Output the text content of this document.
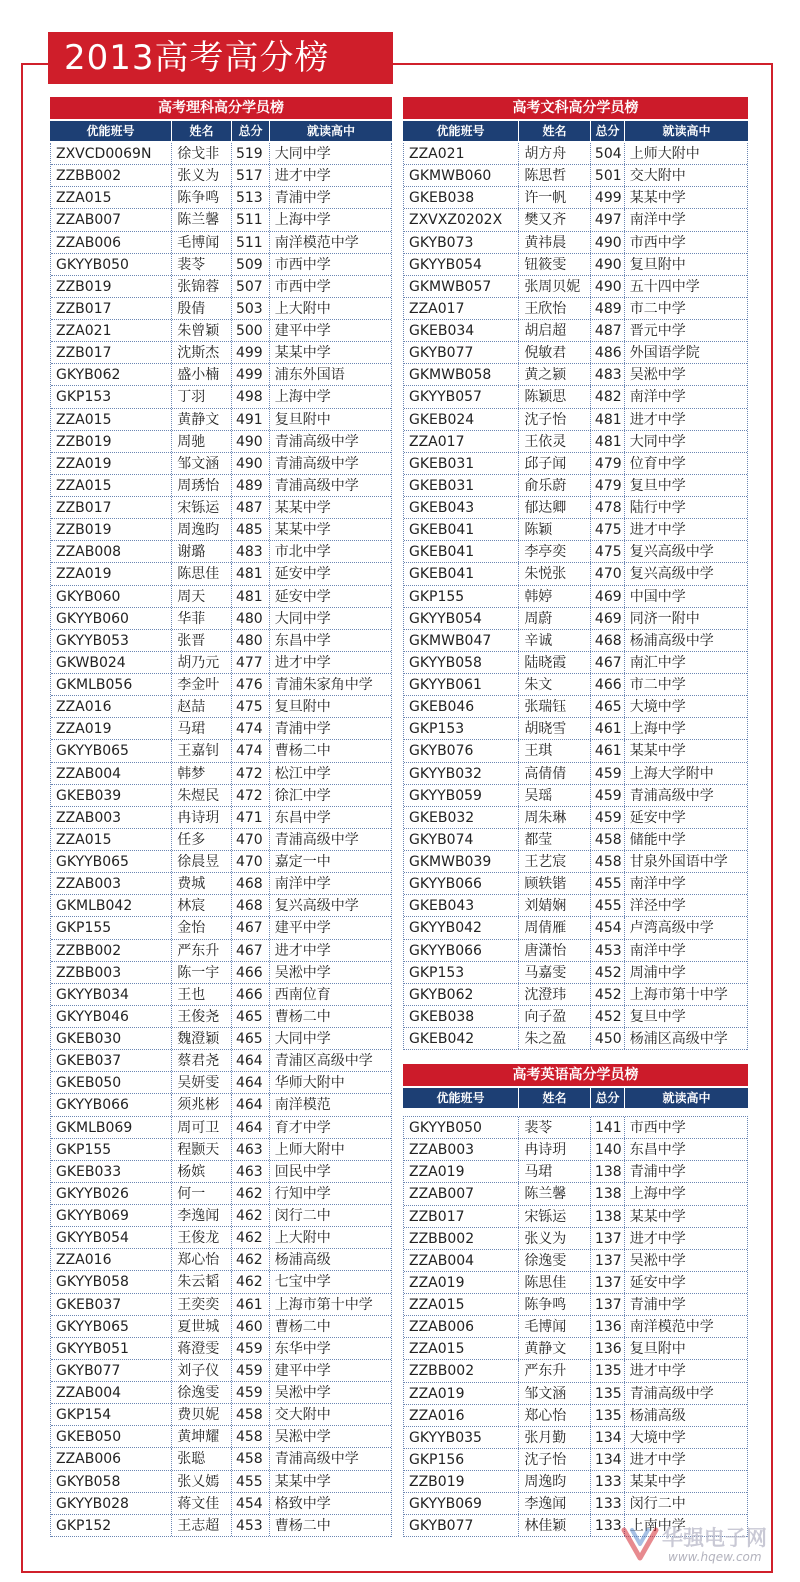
2013高考高分榜
高考理科高分学员榜
优能班号	姓名	总分	就读高中
ZXVCD0069N	徐戈非	519 大同中学
ZZBB002	张义为	517 进才中学
ZZA015	陈争鸣	513 青浦中学
ZZAB007	陈兰馨	511 上海中学
ZZAB006	毛博闻	511 南洋模范中学
GKYYB050	裴苓	509 市西中学
ZZB019	张锦蓉	507 市西中学
ZZB017	殷倩	503 上大附中
ZZA021	朱曾颖	500 建平中学
ZZB017	沈斯杰	499 某某中学
GKYB062	盛小楠	499 浦东外国语
GKP153	丁羽	498 上海中学
ZZA015	黄静文	491 复旦附中
ZZB019	周驰	490 青浦高级中学
ZZA019	邹文涵	490 青浦高级中学
ZZA015	周琇怡	489 青浦高级中学
ZZB017	宋铄运	487 某某中学
ZZB019	周逸昀	485 某某中学
ZZAB008	谢璐	483 市北中学
ZZA019	陈思佳	481 延安中学
GKYB060	周天	481 延安中学
GKYYB060	华菲	480 大同中学
GKYYB053	张晋	480 东昌中学
GKWB024	胡乃元	477 进才中学
GKMLB056	李金叶	476 青浦朱家角中学
ZZA016	赵喆	475 复旦附中
ZZA019	马珺	474 青浦中学
GKYYB065	王嘉钊	474 曹杨二中
ZZAB004	韩梦	472 松江中学
GKEB039	朱煜民	472 徐汇中学
ZZAB003	冉诗玥	471 东昌中学
ZZA015	任多	470 青浦高级中学
GKYYB065	徐晨昱	470 嘉定一中
ZZAB003	费城	468 南洋中学
GKMLB042	林宸	468 复兴高级中学
GKP155	金怡	467 建平中学
ZZBB002	严东升	467 进才中学
ZZBB003	陈一宇	466 吴淞中学
GKYYB034	王也	466 西南位育
GKYYB046	王俊尧	465 曹杨二中
GKEB030	魏澄颖	465 大同中学
GKEB037	蔡君尧	464 青浦区高级中学
GKEB050	吴妍雯	464 华师大附中
GKYYB066	须兆彬	464 南洋模范
GKMLB069	周可卫	464 育才中学
GKP155	程颢天	463 上师大附中
GKEB033	杨嫔	463 回民中学
GKYYB026	何一	462 行知中学
GKYYB069	李逸闻	462 闵行二中
GKYYB054	王俊龙	462 上大附中
ZZA016	郑心怡	462 杨浦高级
GKYYB058	朱云韬	462 七宝中学
GKEB037	王奕奕	461 上海市第十中学
GKYYB065	夏世城	460 曹杨二中
GKYYB051	蒋澄雯	459 东华中学
GKYB077	刘子仪	459 建平中学
ZZAB004	徐逸雯	459 吴淞中学
GKP154	费贝妮	458 交大附中
GKEB050	黄坤耀	458 吴淞中学
ZZAB006	张聪	458 青浦高级中学
GKYB058	张乂嫣	455 某某中学
GKYYB028	蒋文佳	454 格致中学
GKP152	王志超	453 曹杨二中
高考文科高分学员榜
优能班号	姓名	总分	就读高中
ZZA021	胡方舟	504 上师大附中
GKMWB060	陈思哲	501 交大附中
GKEB038	许一帆	499 某某中学
ZXVXZ0202X	樊又齐	497 南洋中学
GKYB073	黄祎晨	490 市西中学
GKYYB054	钮筱雯	490 复旦附中
GKMWB057	张周贝妮	490 五十四中学
ZZA017	王欣怡	489 市二中学
GKEB034	胡启超	487 晋元中学
GKYB077	倪敏君	486 外国语学院
GKMWB058	黄之颍	483 吴淞中学
GKYYB057	陈颖思	482 南洋中学
GKEB024	沈子怡	481 进才中学
ZZA017	王依灵	481 大同中学
GKEB031	邱子闻	479 位育中学
GKEB031	俞乐蔚	479 复旦中学
GKEB043	郁达卿	478 陆行中学
GKEB041	陈颖	475 进才中学
GKEB041	李亭奕	475 复兴高级中学
GKEB041	朱悦张	470 复兴高级中学
GKP155	韩婷	469 中国中学
GKYYB054	周蔚	469 同济一附中
GKMWB047	辛诚	468 杨浦高级中学
GKYYB058	陆晓霞	467 南汇中学
GKYYB061	朱文	466 市二中学
GKEB046	张瑞钰	465 大境中学
GKP153	胡晓雪	461 上海中学
GKYB076	王琪	461 某某中学
GKYYB032	高倩倩	459 上海大学附中
GKYYB059	吴瑶	459 青浦高级中学
GKEB032	周朱琳	459 延安中学
GKYB074	都莹	458 储能中学
GKMWB039	王艺宸	458 甘泉外国语中学
GKYYB066	顾轶锴	455 南洋中学
GKEB043	刘婧娴	455 洋泾中学
GKYYB042	周倩雁	454 卢湾高级中学
GKYYB066	唐潇怡	453 南洋中学
GKP153	马嘉雯	452 周浦中学
GKYB062	沈澄玮	452 上海市第十中学
GKEB038	向子盈	452 复旦中学
GKEB042	朱之盈	450 杨浦区高级中学
高考英语高分学员榜
优能班号	姓名	总分	就读高中
GKYYB050	裴苓	141 市西中学
ZZAB003	冉诗玥	140 东昌中学
ZZA019	马珺	138 青浦中学
ZZAB007	陈兰馨	138 上海中学
ZZB017	宋铄运	138 某某中学
ZZBB002	张义为	137 进才中学
ZZAB004	徐逸雯	137 吴淞中学
ZZA019	陈思佳	137 延安中学
ZZA015	陈争鸣	137 青浦中学
ZZAB006	毛博闻	136 南洋模范中学
ZZA015	黄静文	136 复旦附中
ZZBB002	严东升	135 进才中学
ZZA019	邹文涵	135 青浦高级中学
ZZA016	郑心怡	135 杨浦高级
GKYYB035	张月勤	134 大境中学
GKP156	沈子怡	134 进才中学
ZZB019	周逸昀	133 某某中学
GKYYB069	李逸闻	133 闵行二中
GKYB077	林佳颖	133 上南中学
华强电子网
www.hqew.com
